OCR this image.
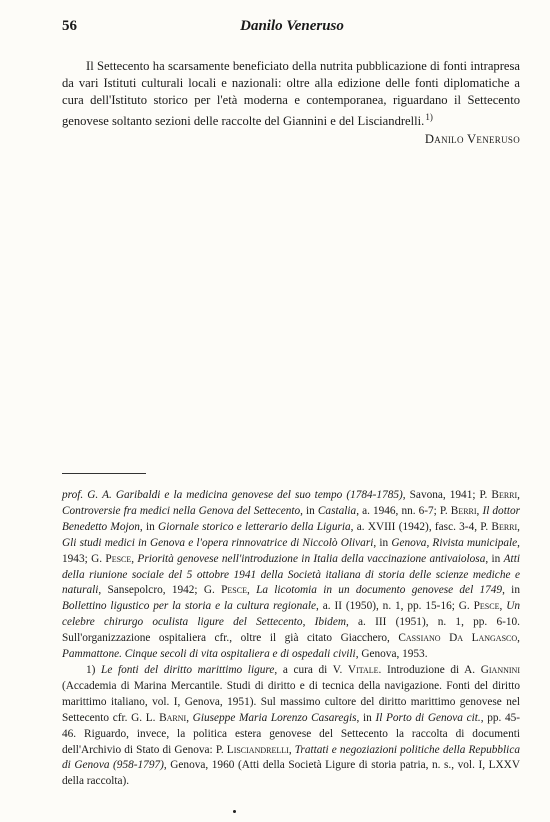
56	Danilo Veneruso

Il Settecento ha scarsamente beneficiato della nutrita pubblicazione di fonti intrapresa da vari Istituti culturali locali e nazionali: oltre alla edizione delle fonti diplomatiche a cura dell'Istituto storico per l'età moderna e contemporanea, riguardano il Settecento genovese soltanto sezioni delle raccolte del Giannini e del Lisciandrelli. $^{1)}$

Danilo Veneruso

prof. G. A. Garibaldi e la medicina genovese del suo tempo (1784-1785), Savona, 1941; P. Berri, Controversie fra medici nella Genova del Settecento, in Castalia, a. 1946, nn. 6-7; P. Berri, Il dottor Benedetto Mojon, in Giornale storico e letterario della Liguria, a. XVIII (1942), fasc. 3-4, P. Berri, Gli studi medici in Genova e l'opera rinnovatrice di Niccolò Olivari, in Genova, Rivista municipale, 1943; G. Pesce, Priorità genovese nell'introduzione in Italia della vaccinazione antivaiolosa, in Atti della riunione sociale del 5 ottobre 1941 della Società italiana di storia delle scienze mediche e naturali, Sansepolcro, 1942; G. Pesce, La licotomia in un documento genovese del 1749, in Bollettino ligustico per la storia e la cultura regionale, a. II (1950), n. 1, pp. 15-16; G. Pesce, Un celebre chirurgo oculista ligure del Settecento, Ibidem, a. III (1951), n. 1, pp. 6-10. Sull'organizzazione ospitaliera cfr., oltre il già citato Giacchero, Cassiano Da Langasco, Pammattone. Cinque secoli di vita ospitaliera e di ospedali civili, Genova, 1953.

1) Le fonti del diritto marittimo ligure, a cura di V. Vitale. Introduzione di A. Giannini (Accademia di Marina Mercantile. Studi di diritto e di tecnica della navigazione. Fonti del diritto marittimo italiano, vol. I, Genova, 1951). Sul massimo cultore del diritto marittimo genovese nel Settecento cfr. G. L. Barni, Giuseppe Maria Lorenzo Casaregis, in Il Porto di Genova cit., pp. 45-46. Riguardo, invece, la politica estera genovese del Settecento la raccolta di documenti dell'Archivio di Stato di Genova: P. Lisciandrelli, Trattati e negoziazioni politiche della Repubblica di Genova (958-1797), Genova, 1960 (Atti della Società Ligure di storia patria, n. s., vol. I, LXXV della raccolta).
